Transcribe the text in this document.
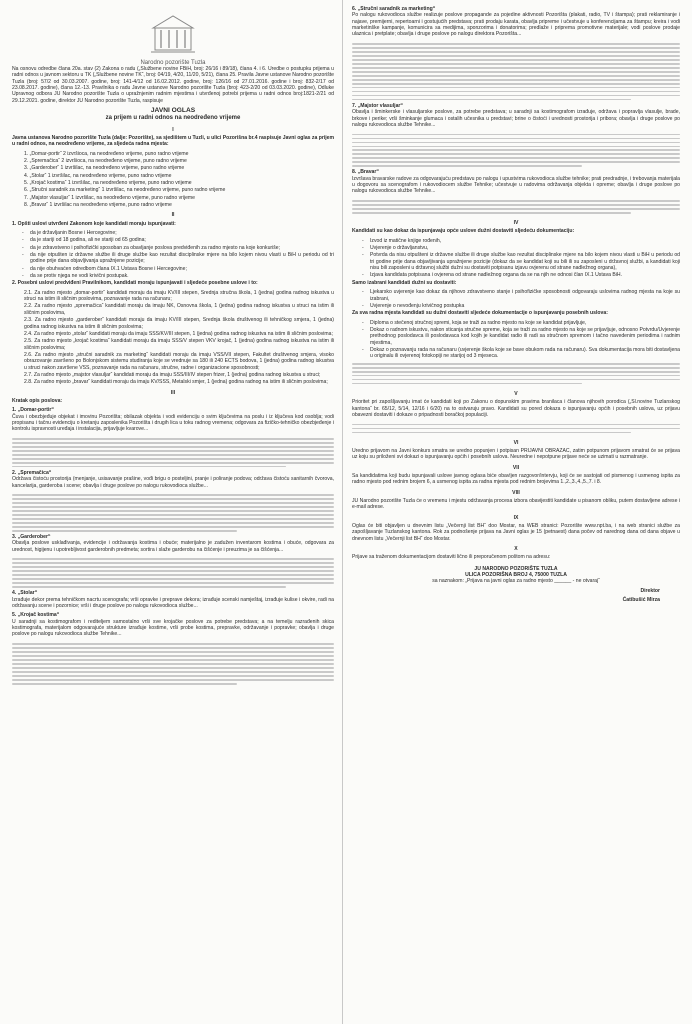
Narodno pozorište Tuzla

Na osnovu odredbe člana 20a. stav (2) Zakona o radu („Službene novine FBiH, broj: 26/16 i 89/18), člana 4. i 6. Uredbe o postupku prijema u radni odnos u javnom sektoru u TK („Službene novine TK“, broj: 04/19, 4/20, 11/20, 5/21), člana 25. Pravila Javne ustanove Narodno pozorište Tuzla (broj: 57/2 od 30.03.2007. godine, broj: 141-4/12 od 16.02.2012. godine, broj: 126/16 od 27.01.2016. godine i broj: 832-2/17 od 23.08.2017. godine), člana 12.-13. Pravilnika o radu Javne ustanove Narodno pozorište Tuzla (broj: 423-2/20 od 03.03.2020. godine), Odluke Upravnog odbora JU Narodno pozorište Tuzla o upražnjenim radnim mjestima i utvrđenoj potrebi prijema u radni odnos broj:1821-2/21 od 29.12.2021. godine, direktor JU Narodno pozorište Tuzla, raspisuje

JAVNI OGLAS
za prijem u radni odnos na neodređeno vrijeme
I

Javna ustanova Narodno pozorište Tuzla (dalje: Pozorište), sa sjedištem u Tuzli, u ulici Pozorišna br.4 raspisuje Javni oglas za prijem u radni odnos, na neodređeno vrijeme, za sljedeća radna mjesta:

1. „Domar-portir“ 2 izvršioca, na neodređeno vrijeme, puno radno vrijeme
2. „Spremačica“ 2 izvršioca, na neodređeno vrijeme, puno radno vrijeme
3. „Garderober“ 1 izvršilac, na neodređeno vrijeme, puno radno vrijeme
4. „Stolar“ 1 izvršilac, na neodređeno vrijeme, puno radno vrijeme
5. „Krojač kostima“ 1 izvršilac, na neodređeno vrijeme, puno radno vrijeme
6. „Stručni saradnik za marketing“ 1 izvršilac, na neodređeno vrijeme, puno radno vrijeme
7. „Majstor vlasuljar“ 1 izvršilac, na neodređeno vrijeme, puno radno vrijeme
8. „Bravar“ 1 izvršilac na neodređeno vrijeme, puno radno vrijeme
II

1. Opšti uslovi utvrđeni Zakonom koje kandidati moraju ispunjavati:

- da je državljanin Bosne i Hercegovine;
- da je stariji od 18 godina, ali ne stariji od 65 godina;
- da je zdravstveno i psihofizički sposoban za obavljanje poslova predviđenih za radno mjesto na koje konkuriše;
- da nije otpušten iz državne službe ili druge službe kao rezultat disciplinske mjere na bilo kojem nivou vlasti u BiH u periodu od tri godine prije dana objavljivanja upražnjene pozicije;
- da nije obuhvaćen odredbom člana IX.1 Ustava Bosne i Hercegovine;
- da se protiv njega ne vodi krivični postupak.

2. Posebni uslovi predviđeni Pravilnikom, kandidati moraju ispunjavati i sljedeće posebne uslove i to:

2.1. Za radno mjesto „domar-portir“ kandidati moraju da imaju KV/III stepen, Srednja stručna škola, 1 (jedna) godina radnog iskustva u struci na istim ili sličnim poslovima, poznavanje rada na računaru;
2.2. Za radno mjesto „spremačica“ kandidati moraju da imaju NK, Osnovna škola, 1 (jedna) godina radnog iskustva u struci na istim ili sličnim poslovima,
2.3. Za radno mjesto „garderober“ kandidati moraju da imaju KV/III stepen, Srednja škola društvenog ili tehničkog smjera, 1 (jedna) godina radnog iskustva na istim ili sličnim poslovima;
2.4. Za radno mjesto „stolar“ kandidati moraju da imaju SSS/KV/III stepen, 1 (jedna) godina radnog iskustva na istim ili sličnim poslovima;
2.5. Za radno mjesto „krojač kostima“ kandidati moraju da imaju SSS/V stepen VKV krojač, 1 (jedna) godina radnog iskustva na istim ili sličnim poslovima;
2.6. Za radno mjesto „stručni saradnik za marketing“ kandidati moraju da imaju VSS/VII stepen, Fakultet društvenog smjera, visoko obrazovanje završeno po Bolonjskom sistemu studiranja koje se vrednuje sa 180 ili 240 ECTS bodova, 1 (jedna) godina radnog iskustva u struci nakon završene VSS, poznavanje rada na računaru, stručne, radne i organizacione sposobnosti;
2.7. Za radno mjesto „majstor vlasuljar“ kandidati moraju da imaju SSS/III/IV stepen frizer, 1 (jedna) godina radnog iskustva u struci;
2.8. Za radno mjesto „bravar“ kandidati moraju da imaju KV/SSS, Metalski smjer, 1 (jedna) godina radnog na istim ili sličnim poslovima;
III

Kratak opis poslova:

1. „Domar-portir“

Čuva i obezbjeđuje objekat i imovinu Pozorišta; obilazak objekta i vodi evidenciju o svim ključevima na poslu i iz ključeva kod osoblja; vodi propisanu i tačnu evidenciju o kretanju zaposlenika Pozorišta i drugih lica u toku radnog vremena; odgovara za fizičko-tehničko obezbjeđenje i kontrolu ispravnosti uređaja i instalacija, prijavljuje kvarove...

2. „Spremačica“

Održava čistoću prostorija (menjanje, usisavanje prašine, vođi brigu o posteljini, pranje i poliranje podova; održava čistoću sanitarnih čvorova, kancelarija, garderoba i scene; obavlja i druge poslove po nalogu rukovodioca službe...

3. „Garderober“

Obavlja poslove usklađivanja, evidencije i održavanja kostima i obuće; materijalno je zadužen inventarom kostima i obuće, odgovara za urednost, higijenu i upotrebljivost garderobnih predmeta; sortira i slaže garderobu na čišćenje i preuzima je sa čišćenja...

4. „Stolar“

Izrađuje dekor prema tehničkom nacrtu scenografa; vrši opravke i preprave dekora; izrađuje scenski namještaj, izrađuje kulise i okvire, radi na održavanju scene i pozornice; vrši i druge poslove po nalogu rukovodioca službe...

5. „Krojač kostima“

U saradnji sa kostimografom i rediteljem samostalno vrši sve krojačke poslove za potrebe predstava; a na temelju razrađenih skica kostimografa, materijalom odgovarajuće strukture izrađuje kostime, vrši probe kostima, prepravke, održavanje i popravke; obavlja i druge poslove po nalogu rukovodioca službe Tehnike...

6. „Stručni saradnik za marketing“

Po nalogu rukovodioca službe realizuje poslove propagande za pojedine aktivnosti Pozorišta (plakati, radio, TV i štampa); prati reklamiranje i najave, premijerni, repertoarni i gostujućih predstava; prati prodaju karata, obavlja pripreme i učestvuje u konferencijama za štampu; kreira i vodi marketinške kampanje, komunicira sa medijima, sponzorima i donatorima; predlaže i priprema promotivne materijale; vodi poslove prodaje ulaznica i pretplate; obavlja i druge poslove po nalogu direktora Pozorišta...

7. „Majstor vlasuljar“

Obavlja i šminkerske i vlasuljarske poslove, za potrebe predstava; u saradnji sa kostimografom izrađuje, održava i popravlja vlasulje, brade, brkove i perike; vrši šminkanje glumaca i ostalih učesnika u predstavi; brine o čistoći i urednosti prostorija i pribora; obavlja i druge poslove po nalogu rukovodioca službe Tehnike...

8. „Bravar“

Izvršava bravarske radove za odgovarajuću predstavu po nalogu i upustvima rukovodioca službe tehnike; prati predradnje, i trebovanja materijala u dogovoru sa scenografom i rukovodiocem službe Tehnike; učestvuje u radovima održavanja objekta i opreme; obavlja i druge poslove po nalogu rukovodioca službe Tehnike...

IV

Kandidati su kao dokaz da ispunjavaju opće uslove dužni dostaviti sljedeću dokumentaciju:

- Izvod iz matične knjige rođenih,
- Uvjerenje o državljanstvu,
- Potvrda da nisu otpušteni iz državne službe ili druge službe kao rezultat disciplinske mjere na bilo kojem nivou vlasti u BiH u periodu od tri godine prije dana objavljivanja upražnjene pozicije (dokaz da se kandidat koji su bili ili su zaposleni u državnoj službi, a kandidati koji nisu bili zaposleni u državnoj službi dužni su dostaviti potpisanu izjavu ovjerenu od strane nadležnog organa),
- Izjava kandidata potpisana i ovjerena od strane nadležnog organa da se na njih ne odnosi član IX.1 Ustava BiH.

Samo izabrani kandidati dužni su dostaviti:

- Ljekarsko uvjerenje kao dokaz da njihovo zdravstveno stanje i psihofizičke sposobnosti odgovaraju uslovima radnog mjesta na koje su izabrani,
- Uvjerenje o nevođenju krivičnog postupka

Za sva radna mjesta kandidati su dužni dostaviti sljedeće dokumentacije o ispunjavanju posebnih uslova:

- Diploma o stečenoj stručnoj spremi, koja se traži za radno mjesto na koje se kandidat prijavljuje,
- Dokaz o radnom iskustvu, nakon sticanja stručne spreme, koja se traži za radno mjesto na koje se prijavljuje, odnosno Potvrdu/Uvjerenje prethodnog poslodavca ili poslodavaca kod kojih je kandidat radio ili radi sa stručnom spremom i tačno navedenim periodima i radnim mjestima,
- Dokaz o poznavanju rada na računaru (uvjerenje škola koje se bave obukom rada na računaru). Sva dokumentacija mora biti dostavljena u originalu ili ovjerenoj fotokopiji ne starijoj od 3 mjeseca.
V

Prioritet pri zapošljavanju imat će kandidati koji po Zakonu o dopunskim pravima branilaca i članova njihovih porodica („Sl.novine Tuzlanskog kantona“ br. 65/12, 5/14, 12/16 i 6/20) na to ostvaruju pravo. Kandidati su pored dokaza o ispunjavanju općih i posebnih uslova, uz prijavu obavezni dostaviti i dokaze o pripadnosti boračkoj populaciji.

VI

Uredno prijavom na Javni konkurs smatra se uredno popunjen i potpisan PRIJAVNI OBRAZAC, zatim potpunom prijavom smatrat će se prijava uz koju su priloženi svi dokazi o ispunjavanju općih i posebnih uslova. Neuredne i nepotpune prijave neće se uzimati u razmatranje.

VII

Sa kandidatima koji budu ispunjavali uslove javnog oglasa biće obavljen razgovor/intervju, koji će se sastojati od pismenog i usmenog ispita za radno mjesto pod rednim brojem 6, a usmenog ispita za radna mjesta pod rednim brojevima 1.,2.,3.,4.,5.,7. i 8.

VIII

JU Narodno pozorište Tuzla će o vremenu i mjestu održavanja procesa izbora obavijestiti kandidate u pisanom obliku, putem dostavljene adrese i e-mail adrese.

IX

Oglas će biti objavljen u dnevnim listu „Večernji list BH“ doo Mostar, na WEB stranici: Pozorište www.npt.ba, i na web stranici službe za zapošljavanje Tuzlanskog kantona. Rok za podnošenje prijava na Javni oglas je 15 (petnaest) dana počev od narednog dana od dana objave u dnevnom listu „Večernji list BH“ doo Mostar.

X

Prijave sa traženom dokumentacijom dostaviti lično ili preporučenom poštom na adresu:

JU NARODNO POZORIŠTE TUZLA
ULICA POZORIŠNA BROJ 4, 75000 TUZLA
sa naznakom: „Prijava na javni oglas za radno mjesto ______ - ne otvaraj“
Direktor
Ćatibušić Mirza
